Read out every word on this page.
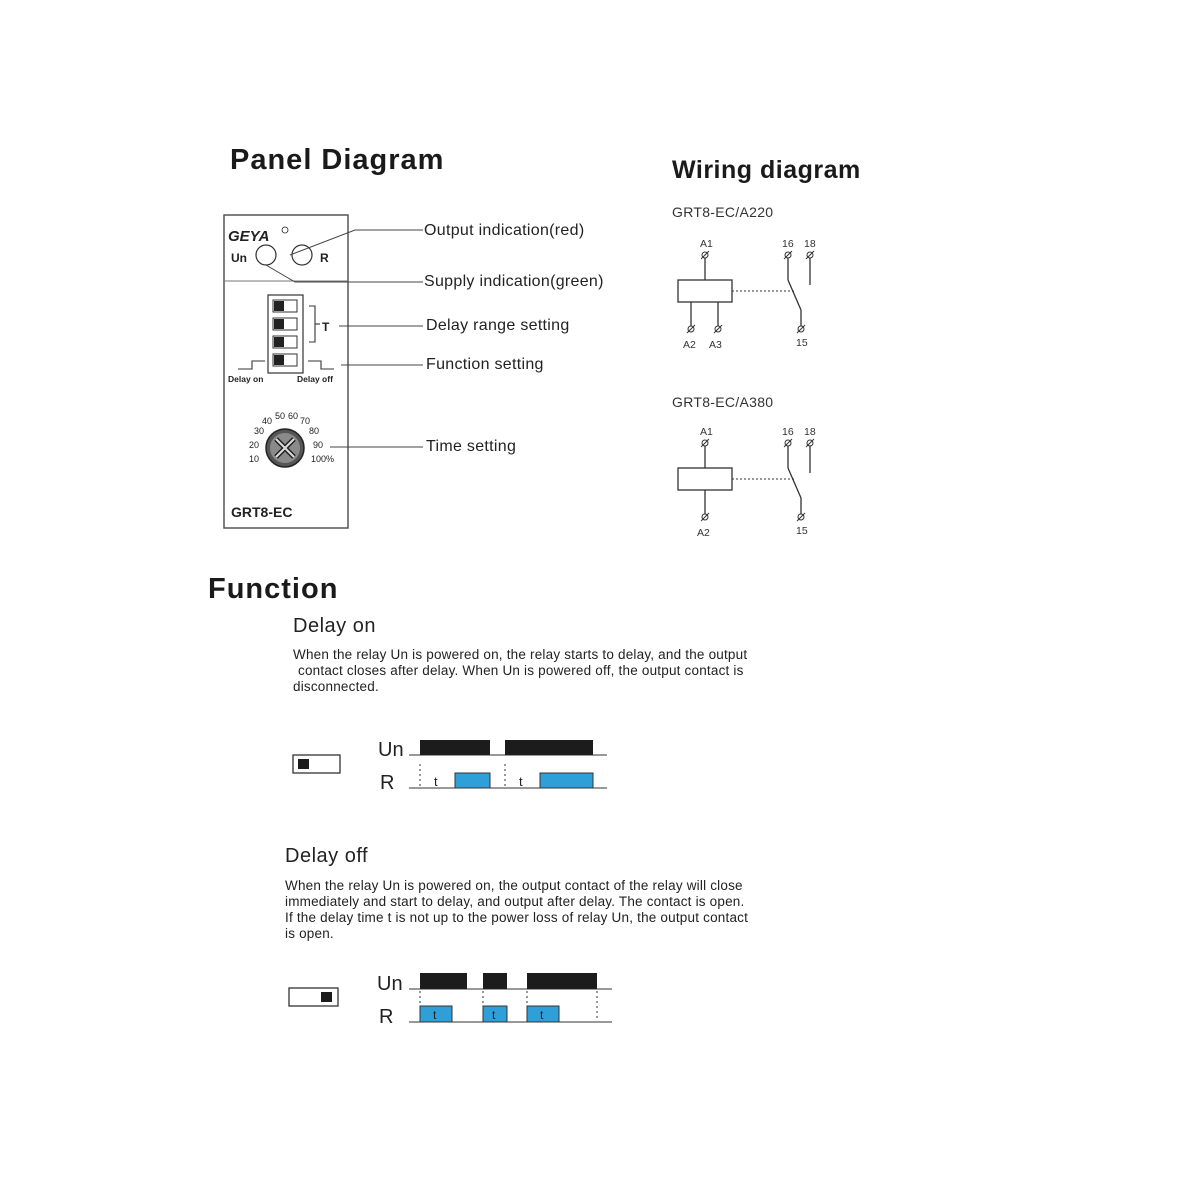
Panel Diagram
GEYA
Un	R
T
Delay on	Delay off
10
20
30
40 50 60 70
80
90
100%
GRT8-EC
Output indication(red)
Supply indication(green)
Delay range setting
Function setting
Time setting
Wiring diagram
GRT8-EC/A220
A1	16 18
A2 A3	15
GRT8-EC/A380
A1	16 18
A2	15
Function
Delay on
When the relay Un is powered on, the relay starts to delay, and the output
contact closes after delay. When Un is powered off, the output contact is
disconnected.
Un
R	t	t
Delay off
When the relay Un is powered on, the output contact of the relay will close
immediately and start to delay, and output after delay. The contact is open.
If the delay time t is not up to the power loss of relay Un, the output contact
is open.
Un
R	t	t	t
